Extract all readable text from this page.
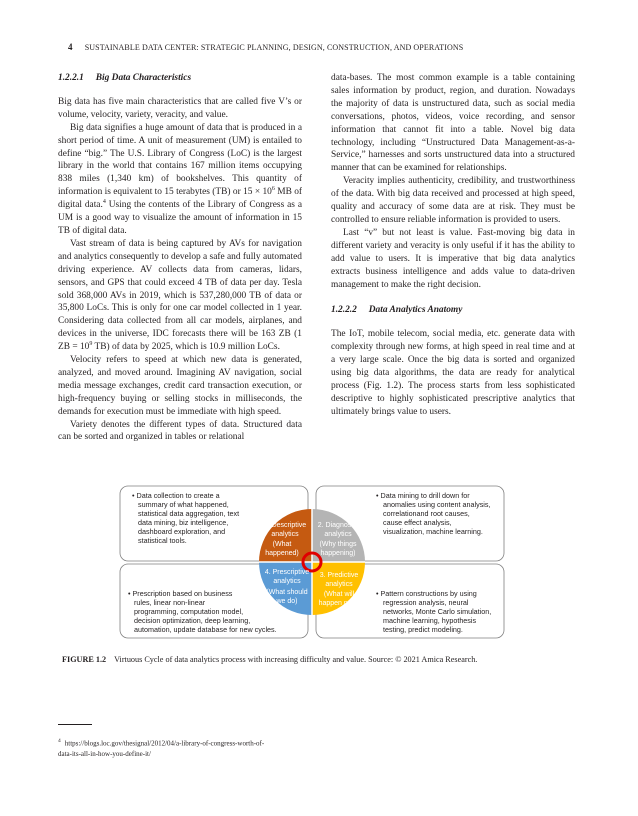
4 SUSTAINABLE DATA CENTER: STRATEGIC PLANNING, DESIGN, CONSTRUCTION, AND OPERATIONS
1.2.2.1 Big Data Characteristics

Big data has five main characteristics that are called five V’s or volume, velocity, variety, veracity, and value.

Big data signifies a huge amount of data that is produced in a short period of time. A unit of measurement (UM) is entailed to define “big.” The U.S. Library of Congress (LoC) is the largest library in the world that contains 167 million items occupying 838 miles (1,340 km) of bookshelves. This quantity of information is equivalent to 15 terabytes (TB) or $15 \times 10^6$ MB of digital data.$^4$ Using the contents of the Library of Congress as a UM is a good way to visualize the amount of information in 15 TB of digital data.

Vast stream of data is being captured by AVs for navigation and analytics consequently to develop a safe and fully automated driving experience. AV collects data from cameras, lidars, sensors, and GPS that could exceed 4 TB of data per day. Tesla sold 368,000 AVs in 2019, which is 537,280,000 TB of data or 35,800 LoCs. This is only for one car model collected in 1 year. Considering data collected from all car models, airplanes, and devices in the universe, IDC forecasts there will be 163 ZB (1 ZB = $10^9$ TB) of data by 2025, which is 10.9 million LoCs.

Velocity refers to speed at which new data is generated, analyzed, and moved around. Imagining AV navigation, social media message exchanges, credit card transaction execution, or high-frequency buying or selling stocks in milliseconds, the demands for execution must be immediate with high speed.

Variety denotes the different types of data. Structured data can be sorted and organized in tables or relational

data-bases. The most common example is a table containing sales information by product, region, and duration. Nowadays the majority of data is unstructured data, such as social media conversations, photos, videos, voice recording, and sensor information that cannot fit into a table. Novel big data technology, including “Unstructured Data Management-as-a-Service,” harnesses and sorts unstructured data into a structured manner that can be examined for relationships.

Veracity implies authenticity, credibility, and trustworthiness of the data. With big data received and processed at high speed, quality and accuracy of some data are at risk. They must be controlled to ensure reliable information is provided to users.

Last “v” but not least is value. Fast-moving big data in different variety and veracity is only useful if it has the ability to add value to users. It is imperative that big data analytics extracts business intelligence and adds value to data-driven management to make the right decision.

1.2.2.2 Data Analytics Anatomy

The IoT, mobile telecom, social media, etc. generate data with complexity through new forms, at high speed in real time and at a very large scale. Once the big data is sorted and organized using big data algorithms, the data are ready for analytical process (Fig. 1.2). The process starts from less sophisticated descriptive to highly sophisticated prescriptive analytics that ultimately brings value to users.

1. Descriptive
analytics
(What
happened)
2. Diagnostic
analytics
(Why things
happening)
4. Prescriptive
analytics
(What should
we do)
3. Predictive
analytics
(What will
happen next)
• Data collection to create a
summary of what happened,
statistical data aggregation, text
data mining, biz intelligence,
dashboard exploration, and
statistical tools.
• Data mining to drill down for
anomalies using content analysis,
correlationand root causes,
cause effect analysis,
visualization, machine learning.
• Prescription based on business
rules, linear non-linear
programming, computation model,
decision optimization, deep learning,
automation, update database for new cycles.
• Pattern constructions by using
regression analysis, neural
networks, Monte Carlo simulation,
machine learning, hypothesis
testing, predict modeling.
FIGURE 1.2 Virtuous Cycle of data analytics process with increasing difficulty and value. Source: © 2021 Amica Research.
$^4$ https://blogs.loc.gov/thesignal/2012/04/a-library-of-congress-worth-of-
data-its-all-in-how-you-define-it/
